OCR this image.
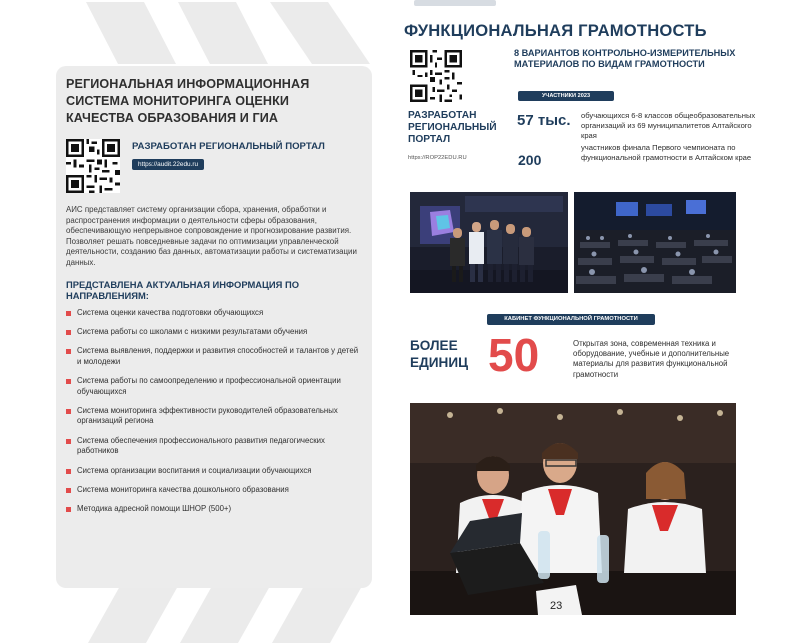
РЕГИОНАЛЬНАЯ ИНФОРМАЦИОННАЯ СИСТЕМА МОНИТОРИНГА ОЦЕНКИ КАЧЕСТВА ОБРАЗОВАНИЯ И ГИА
РАЗРАБОТАН РЕГИОНАЛЬНЫЙ ПОРТАЛ
https://audit.22edu.ru
АИС представляет систему организации сбора, хранения, обработки и распространения информации о деятельности сферы образования, обеспечивающую непрерывное сопровождение и прогнозирование развития. Позволяет решать повседневные задачи по оптимизации управленческой деятельности, созданию баз данных, автоматизации работы и систематизации данных.
ПРЕДСТАВЛЕНА АКТУАЛЬНАЯ ИНФОРМАЦИЯ ПО НАПРАВЛЕНИЯМ:
Система оценки качества подготовки обучающихся
Система работы со школами с низкими результатами обучения
Система выявления, поддержки и развития способностей и талантов у детей и молодежи
Система работы по самоопределению и профессиональной ориентации обучающихся
Система мониторинга эффективности руководителей образовательных организаций региона
Система обеспечения профессионального развития педагогических работников
Система организации воспитания и социализации обучающихся
Система мониторинга качества дошкольного образования
Методика адресной помощи ШНОР (500+)
ФУНКЦИОНАЛЬНАЯ ГРАМОТНОСТЬ
РАЗРАБОТАН РЕГИОНАЛЬНЫЙ ПОРТАЛ
https://ROP22EDU.RU
8 ВАРИАНТОВ КОНТРОЛЬНО-ИЗМЕРИТЕЛЬНЫХ МАТЕРИАЛОВ ПО ВИДАМ ГРАМОТНОСТИ
УЧАСТНИКИ 2023
57 тыс. обучающихся 6-8 классов общеобразовательных организаций из 69 муниципалитетов Алтайского края
200
участников финала Первого чемпионата по функциональной грамотности в Алтайском крае
КАБИНЕТ ФУНКЦИОНАЛЬНОЙ ГРАМОТНОСТИ
БОЛЕЕ ЕДИНИЦ 50	Открытая зона, современная техника и оборудование, учебные и дополнительные материалы для развития функциональной грамотности
23
